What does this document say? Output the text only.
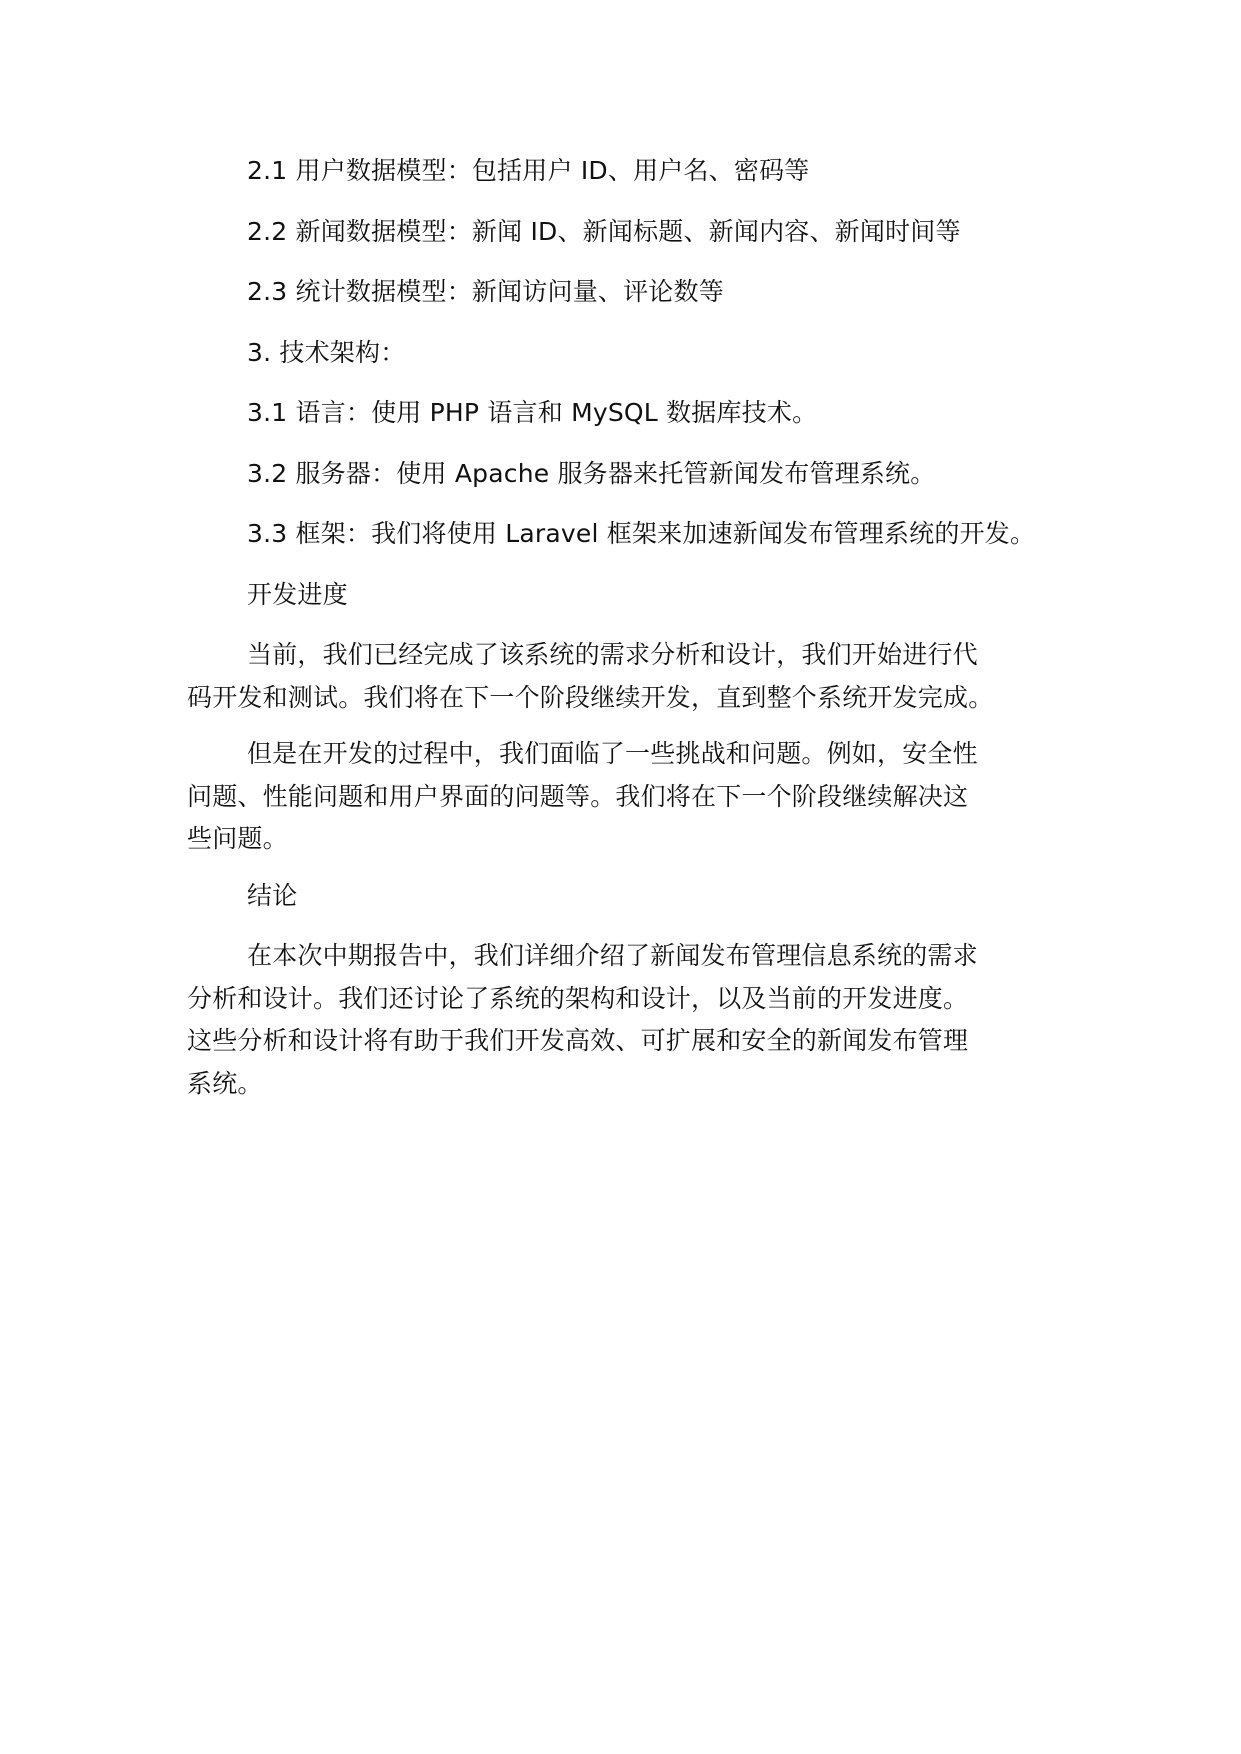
2.1 用户数据模型：包括用户 ID、用户名、密码等
2.2 新闻数据模型：新闻 ID、新闻标题、新闻内容、新闻时间等
2.3 统计数据模型：新闻访问量、评论数等
3. 技术架构：
3.1 语言：使用 PHP 语言和 MySQL 数据库技术。
3.2 服务器：使用 Apache 服务器来托管新闻发布管理系统。
3.3 框架：我们将使用 Laravel 框架来加速新闻发布管理系统的开发。
开发进度
当前，我们已经完成了该系统的需求分析和设计，我们开始进行代
码开发和测试。我们将在下一个阶段继续开发，直到整个系统开发完成。
但是在开发的过程中，我们面临了一些挑战和问题。例如，安全性
问题、性能问题和用户界面的问题等。我们将在下一个阶段继续解决这
些问题。
结论
在本次中期报告中，我们详细介绍了新闻发布管理信息系统的需求
分析和设计。我们还讨论了系统的架构和设计，以及当前的开发进度。
这些分析和设计将有助于我们开发高效、可扩展和安全的新闻发布管理
系统。
